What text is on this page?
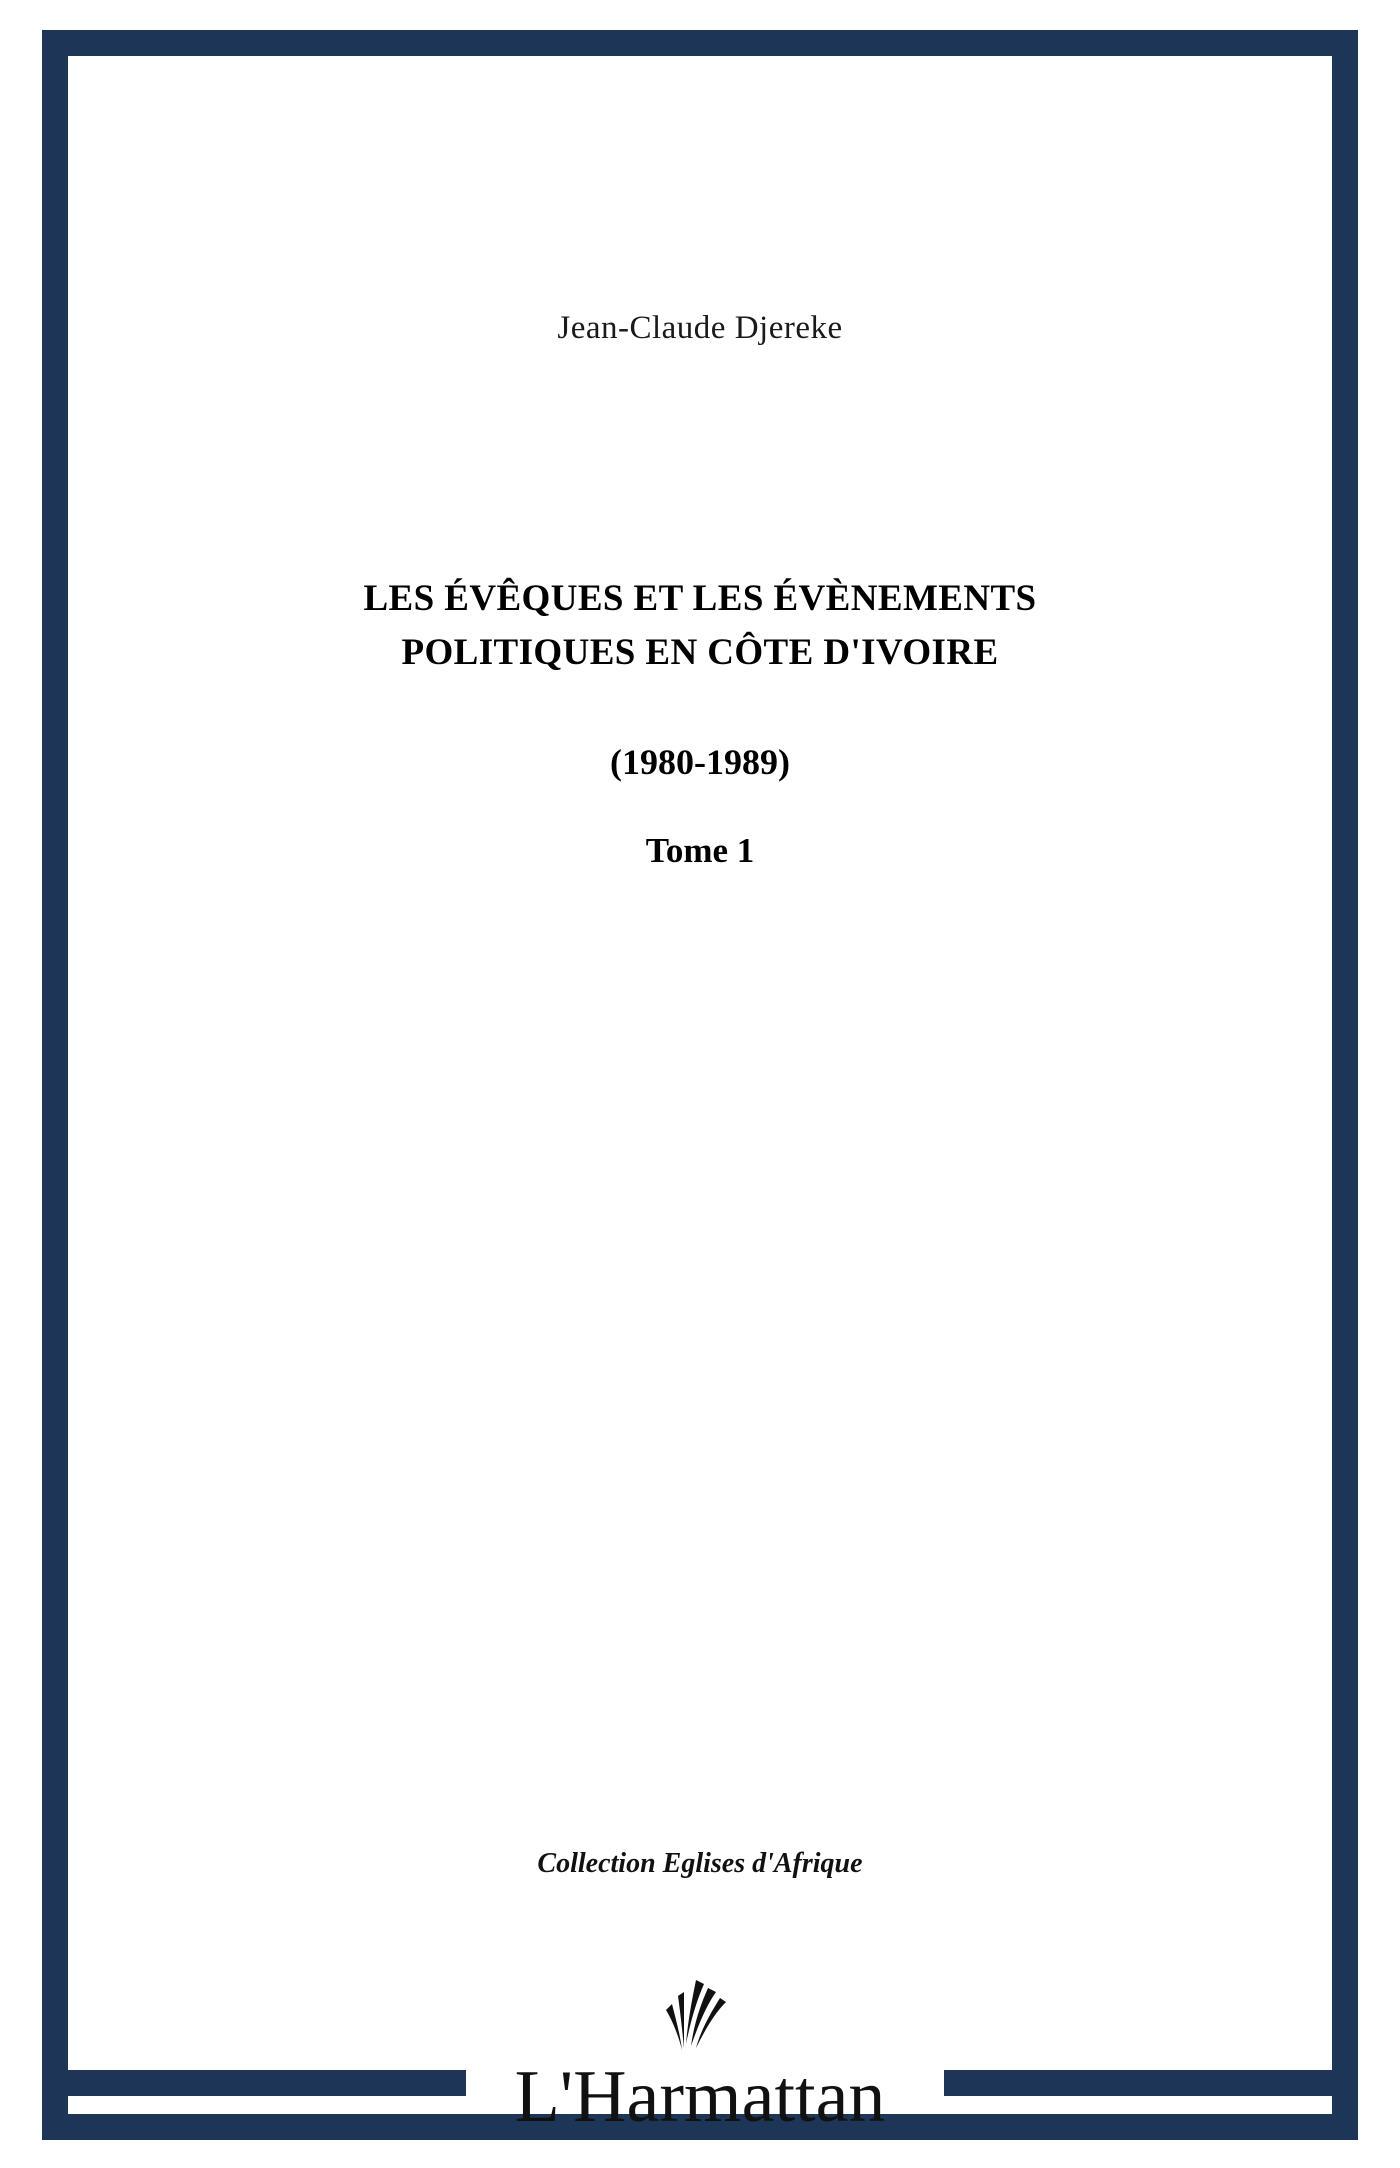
Jean-Claude Djereke
LES ÉVÊQUES ET LES ÉVÈNEMENTS
POLITIQUES EN CÔTE D'IVOIRE
(1980-1989)
Tome 1
Collection Eglises d'Afrique
L'Harmattan
